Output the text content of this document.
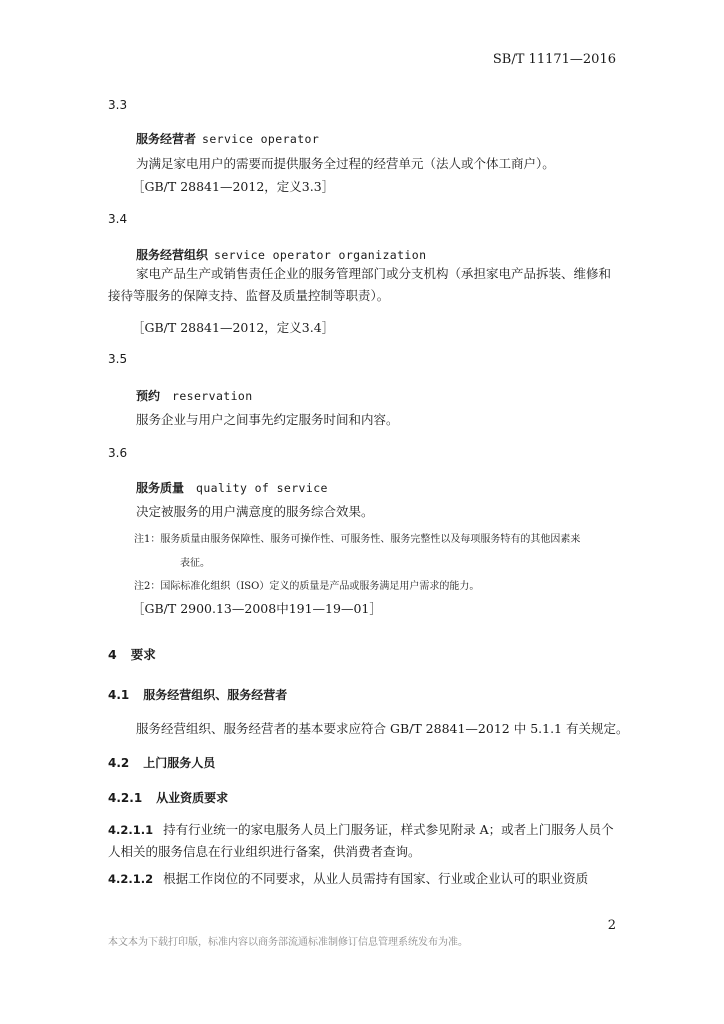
SB/T 11171—2016
3.3
服务经营者 service operator
为满足家电用户的需要而提供服务全过程的经营单元（法人或个体工商户）。
［GB/T 28841—2012，定义3.3］
3.4
服务经营组织 service operator organization
家电产品生产或销售责任企业的服务管理部门或分支机构（承担家电产品拆装、维修和接待等服务的保障支持、监督及质量控制等职责）。
［GB/T 28841—2012，定义3.4］
3.5
预约 reservation
服务企业与用户之间事先约定服务时间和内容。
3.6
服务质量 quality of service
决定被服务的用户满意度的服务综合效果。
注1：服务质量由服务保障性、服务可操作性、可服务性、服务完整性以及每项服务特有的其他因素来
表征。
注2：国际标准化组织（ISO）定义的质量是产品或服务满足用户需求的能力。
［GB/T 2900.13—2008中191—19—01］
4 要求
4.1 服务经营组织、服务经营者
服务经营组织、服务经营者的基本要求应符合 GB/T 28841—2012 中 5.1.1 有关规定。
4.2 上门服务人员
4.2.1 从业资质要求
4.2.1.1 持有行业统一的家电服务人员上门服务证，样式参见附录 A；或者上门服务人员个人相关的服务信息在行业组织进行备案，供消费者查询。
4.2.1.2 根据工作岗位的不同要求，从业人员需持有国家、行业或企业认可的职业资质
2
本文本为下载打印版，标准内容以商务部流通标准制修订信息管理系统发布为准。
